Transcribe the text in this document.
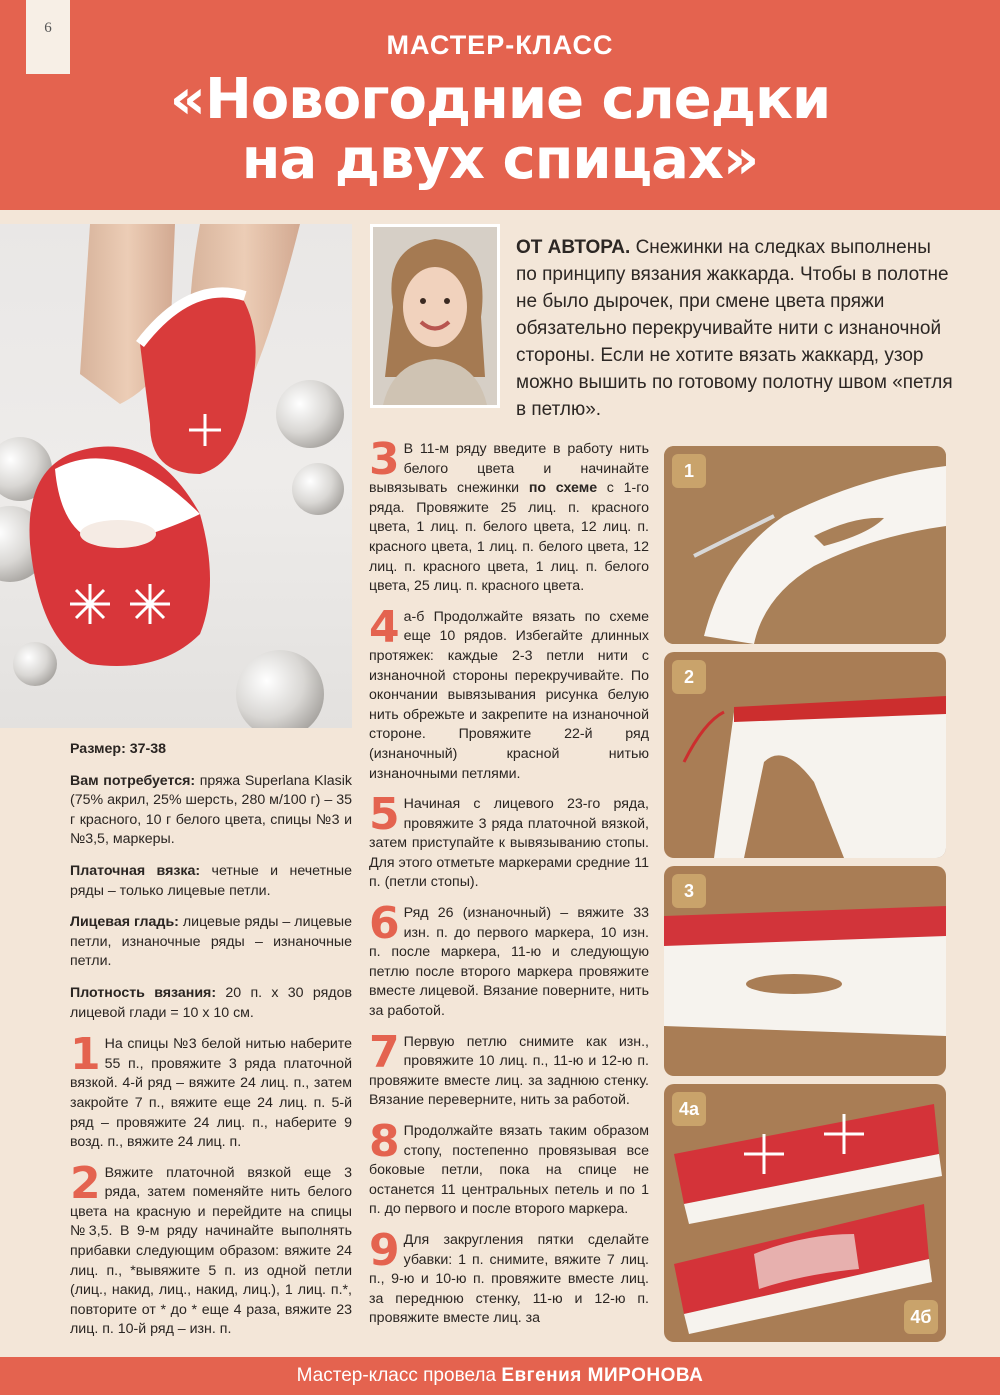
6
МАСТЕР-КЛАСС
«Новогодние следки
на двух спицах»
ОТ АВТОРА. Снежинки на следках выполнены по принципу вязания жаккарда. Чтобы в полотне не было дырочек, при смене цвета пряжи обязательно перекручивайте нити с изнаночной стороны. Если не хотите вязать жаккард, узор можно вышить по готовому полотну швом «петля в петлю».

Размер: 37-38

Вам потребуется: пряжа Superlana Klasik (75% акрил, 25% шерсть, 280 м/100 г) – 35 г красного, 10 г белого цвета, спицы №3 и №3,5, маркеры.

Платочная вязка: четные и нечетные ряды – только лицевые петли.

Лицевая гладь: лицевые ряды – лицевые петли, изнаночные ряды – изнаночные петли.

Плотность вязания: 20 п. х 30 рядов лицевой глади = 10 х 10 см.

1 На спицы №3 белой нитью наберите 55 п., провяжите 3 ряда платочной вязкой. 4-й ряд – вяжите 24 лиц. п., затем закройте 7 п., вяжите еще 24 лиц. п. 5-й ряд – провяжите 24 лиц. п., наберите 9 возд. п., вяжите 24 лиц. п.
2 Вяжите платочной вязкой еще 3 ряда, затем поменяйте нить белого цвета на красную и перейдите на спицы №3,5. В 9-м ряду начинайте выполнять прибавки следующим образом: вяжите 24 лиц. п., *вывяжите 5 п. из одной петли (лиц., накид, лиц., накид, лиц.), 1 лиц. п.*, повторите от * до * еще 4 раза, вяжите 23 лиц. п. 10-й ряд – изн. п.
3 В 11-м ряду введите в работу нить белого цвета и начинайте вывязывать снежинки по схеме с 1-го ряда. Провяжите 25 лиц. п. красного цвета, 1 лиц. п. белого цвета, 12 лиц. п. красного цвета, 1 лиц. п. белого цвета, 12 лиц. п. красного цвета, 1 лиц. п. белого цвета, 25 лиц. п. красного цвета.
4 а-б Продолжайте вязать по схеме еще 10 рядов. Избегайте длинных протяжек: каждые 2-3 петли нити с изнаночной стороны перекручивайте. По окончании вывязывания рисунка белую нить обрежьте и закрепите на изнаночной стороне. Провяжите 22-й ряд (изнаночный) красной нитью изнаночными петлями.
5 Начиная с лицевого 23-го ряда, провяжите 3 ряда платочной вязкой, затем приступайте к вывязыванию стопы. Для этого отметьте маркерами средние 11 п. (петли стопы).
6 Ряд 26 (изнаночный) – вяжите 33 изн. п. до первого маркера, 10 изн. п. после маркера, 11-ю и следующую петлю после второго маркера провяжите вместе лицевой. Вязание поверните, нить за работой.
7 Первую петлю снимите как изн., провяжите 10 лиц. п., 11-ю и 12-ю п. провяжите вместе лиц. за заднюю стенку. Вязание переверните, нить за работой.
8 Продолжайте вязать таким образом стопу, постепенно провязывая все боковые петли, пока на спице не останется 11 центральных петель и по 1 п. до первого и после второго маркера.
9 Для закругления пятки сделайте убавки: 1 п. снимите, вяжите 7 лиц. п., 9-ю и 10-ю п. провяжите вместе лиц. за переднюю стенку, 11-ю и 12-ю п. провяжите вместе лиц. за
1
2
3
4а
4б
Мастер-класс провела Евгения МИРОНОВА
